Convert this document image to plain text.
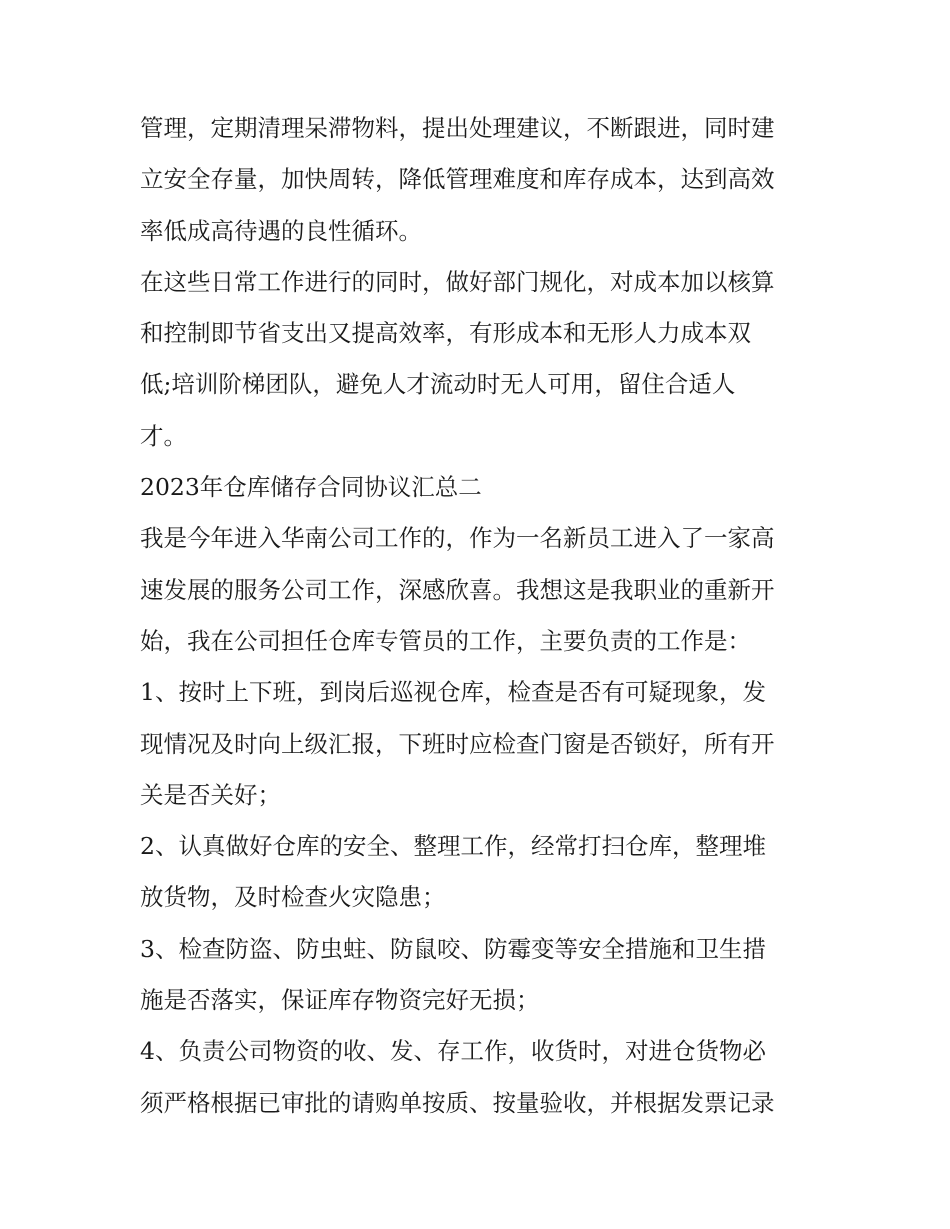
管理，定期清理呆滞物料，提出处理建议，不断跟进，同时建
立安全存量，加快周转，降低管理难度和库存成本，达到高效
率低成高待遇的良性循环。
在这些日常工作进行的同时，做好部门规化，对成本加以核算
和控制即节省支出又提高效率，有形成本和无形人力成本双
低;培训阶梯团队，避免人才流动时无人可用，留住合适人
才。
2023年仓库储存合同协议汇总二
我是今年进入华南公司工作的，作为一名新员工进入了一家高
速发展的服务公司工作，深感欣喜。我想这是我职业的重新开
始，我在公司担任仓库专管员的工作，主要负责的工作是：
1、按时上下班，到岗后巡视仓库，检查是否有可疑现象，发
现情况及时向上级汇报，下班时应检查门窗是否锁好，所有开
关是否关好；
2、认真做好仓库的安全、整理工作，经常打扫仓库，整理堆
放货物，及时检查火灾隐患；
3、检查防盗、防虫蛀、防鼠咬、防霉变等安全措施和卫生措
施是否落实，保证库存物资完好无损；
4、负责公司物资的收、发、存工作，收货时，对进仓货物必
须严格根据已审批的请购单按质、按量验收，并根据发票记录
